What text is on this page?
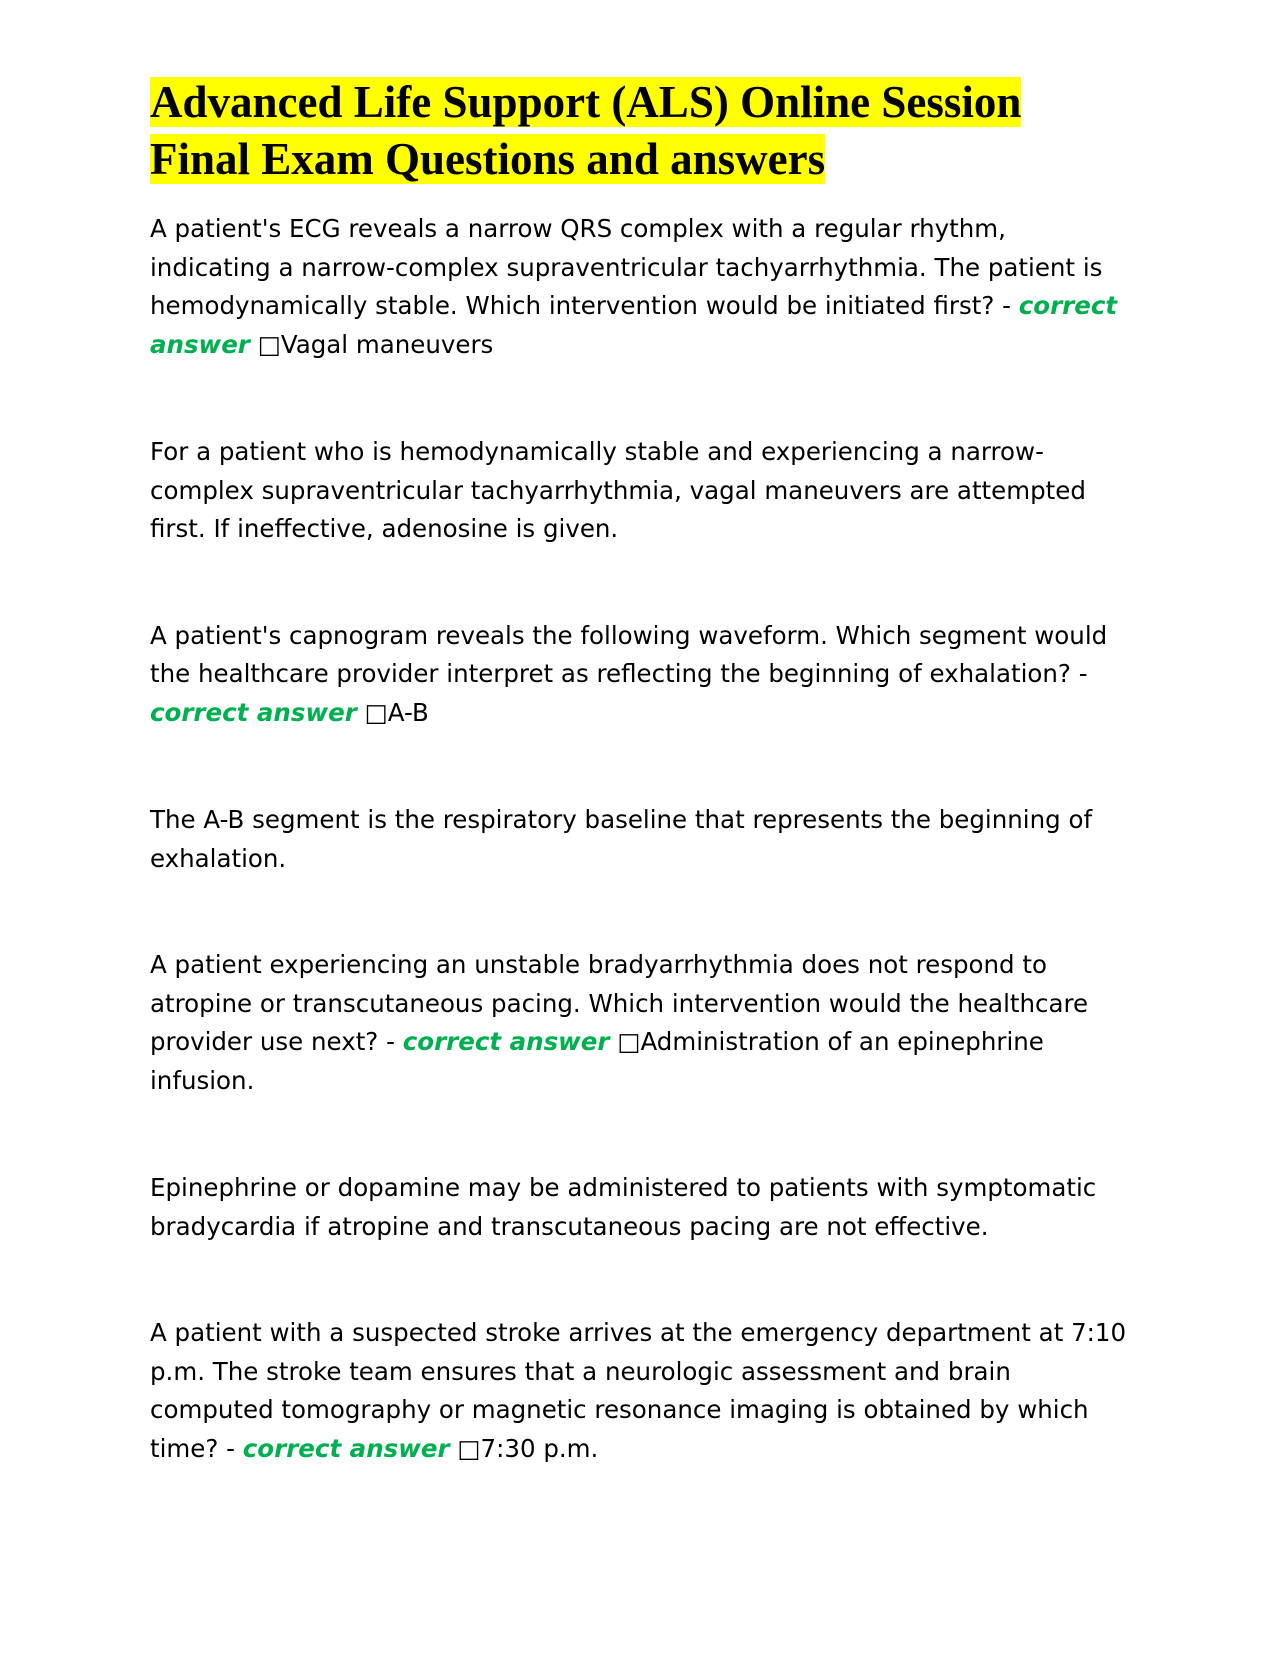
Advanced Life Support (ALS) Online Session
Final Exam Questions and answers

A patient's ECG reveals a narrow QRS complex with a regular rhythm, indicating a narrow-complex supraventricular tachyarrhythmia. The patient is hemodynamically stable. Which intervention would be initiated first? - correct answer □Vagal maneuvers

For a patient who is hemodynamically stable and experiencing a narrow-complex supraventricular tachyarrhythmia, vagal maneuvers are attempted first. If ineffective, adenosine is given.

A patient's capnogram reveals the following waveform. Which segment would the healthcare provider interpret as reflecting the beginning of exhalation? - correct answer □A-B

The A-B segment is the respiratory baseline that represents the beginning of exhalation.

A patient experiencing an unstable bradyarrhythmia does not respond to atropine or transcutaneous pacing. Which intervention would the healthcare provider use next? - correct answer □Administration of an epinephrine infusion.

Epinephrine or dopamine may be administered to patients with symptomatic bradycardia if atropine and transcutaneous pacing are not effective.

A patient with a suspected stroke arrives at the emergency department at 7:10 p.m. The stroke team ensures that a neurologic assessment and brain computed tomography or magnetic resonance imaging is obtained by which time? - correct answer □7:30 p.m.
